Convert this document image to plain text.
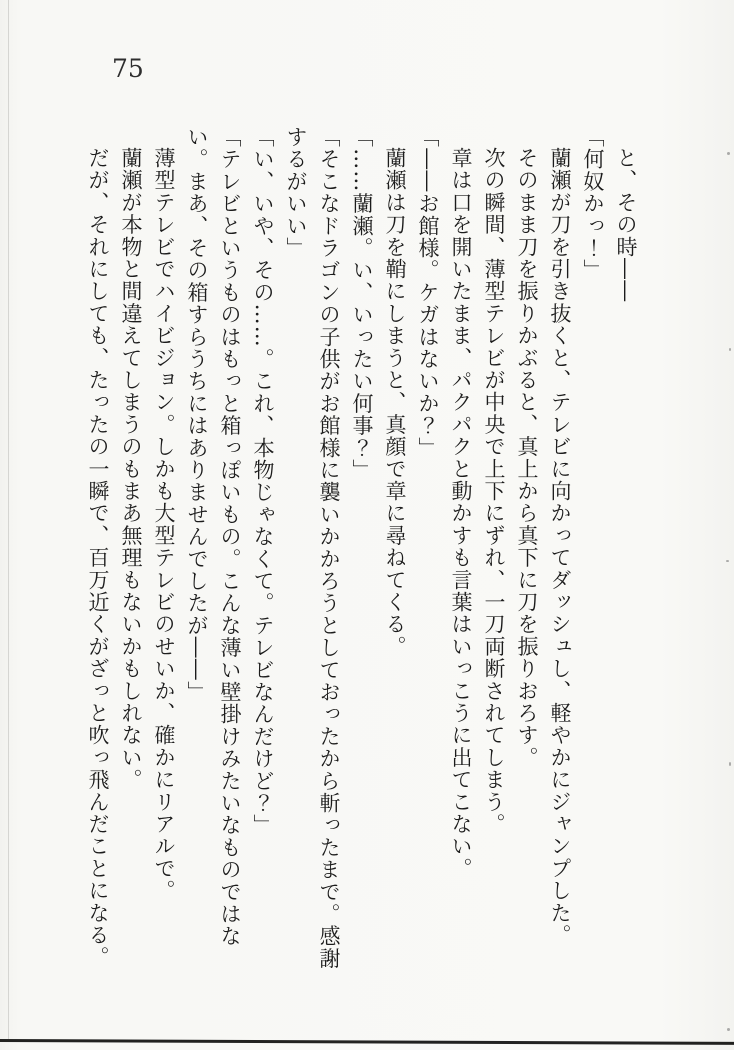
75

と、その時――

「何奴かっ！」

蘭瀬が刀を引き抜くと、テレビに向かってダッシュし、軽やかにジャンプした。

そのまま刀を振りかぶると、真上から真下に刀を振りおろす。

次の瞬間、薄型テレビが中央で上下にずれ、一刀両断されてしまう。

章は口を開いたまま、パクパクと動かすも言葉はいっこうに出てこない。

「――お館様。ケガはないか？」

蘭瀬は刀を鞘にしまうと、真顔で章に尋ねてくる。

「……蘭瀬。い、いったい何事？」

「そこなドラゴンの子供がお館様に襲いかかろうとしておったから斬ったまで。感謝するがいい」

「い、いや、その……。これ、本物じゃなくて。テレビなんだけど？」

「テレビというものはもっと箱っぽいもの。こんな薄い壁掛けみたいなものではない。まあ、その箱すらうちにはありませんでしたが――」

薄型テレビでハイビジョン。しかも大型テレビのせいか、確かにリアルで。

蘭瀬が本物と間違えてしまうのもまあ無理もないかもしれない。

だが、それにしても、たったの一瞬で、百万近くがざっと吹っ飛んだことになる。
